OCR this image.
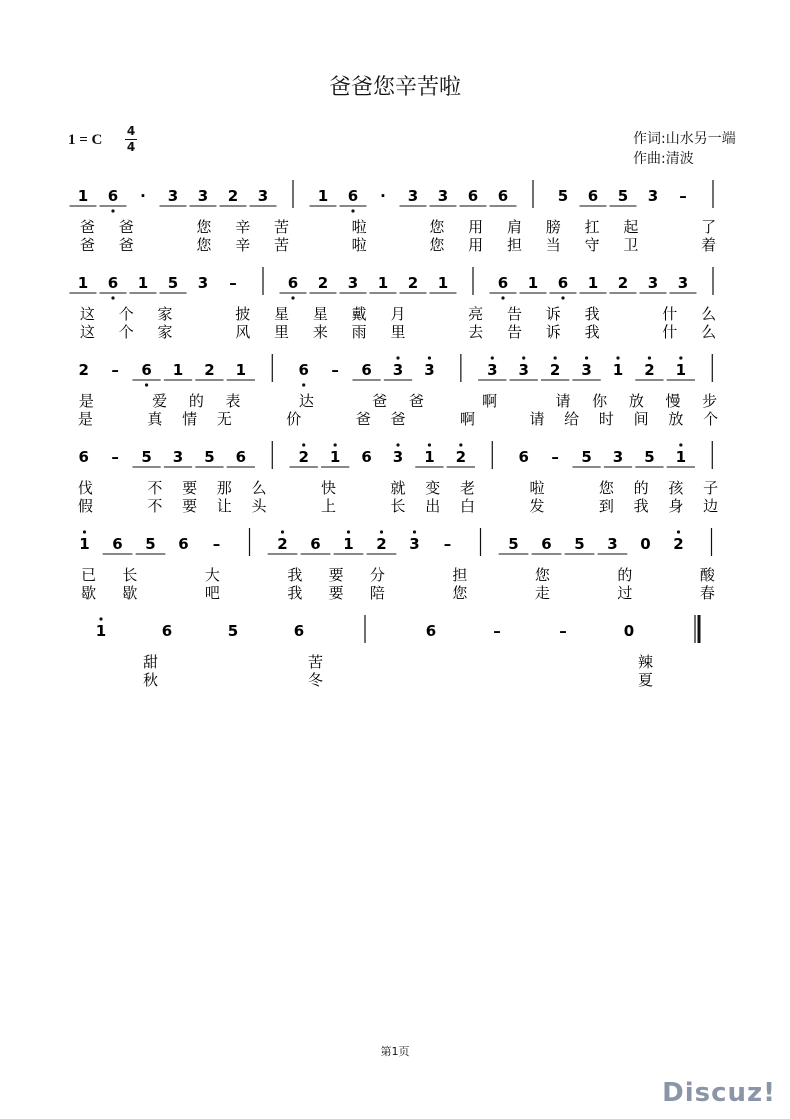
爸爸您辛苦啦
1 = C
4
4	作词:山水另一端
作曲:清波
1 6 · 3 3 2 3	1 6 · 3 3 6 6	5 6 5 3 –
爸 爸	您 辛 苦	啦	您 用 肩 膀 扛 起	了
爸 爸	您 辛 苦	啦	您 用 担 当 守 卫	着
1 6 1 5 3 –	6 2 3 1 2 1	6 1 6 1 2 3 3
这 个 家	披 星 星 戴 月	亮 告 诉 我	什 么
这 个 家	风 里 来 雨 里	去 告 诉 我	什 么
2 – 6 1 2 1	6 – 6 3 3	3 3 2 3 1 2 1
是	爱 的 表	达	爸 爸	啊	请 你 放 慢 步
是	真 情 无	价	爸 爸	啊	请 给 时 间 放 个
6 – 5 3 5 6	2 1 6 3 1 2	6 – 5 3 5 1
伐	不 要 那 么	快	就 变 老	啦	您 的 孩 子
假	不 要 让 头	上	长 出 白	发	到 我 身 边
1 6 5 6 –	2 6 1 2 3 –	5 6 5 3 0 2
已 长	大	我 要 分	担	您	的	酸
歇 歇	吧	我 要 陪	您	走	过	春
1	6	5	6	6	–	–	0
甜	苦	辣
秋	冬	夏
第1页
Discuz!
